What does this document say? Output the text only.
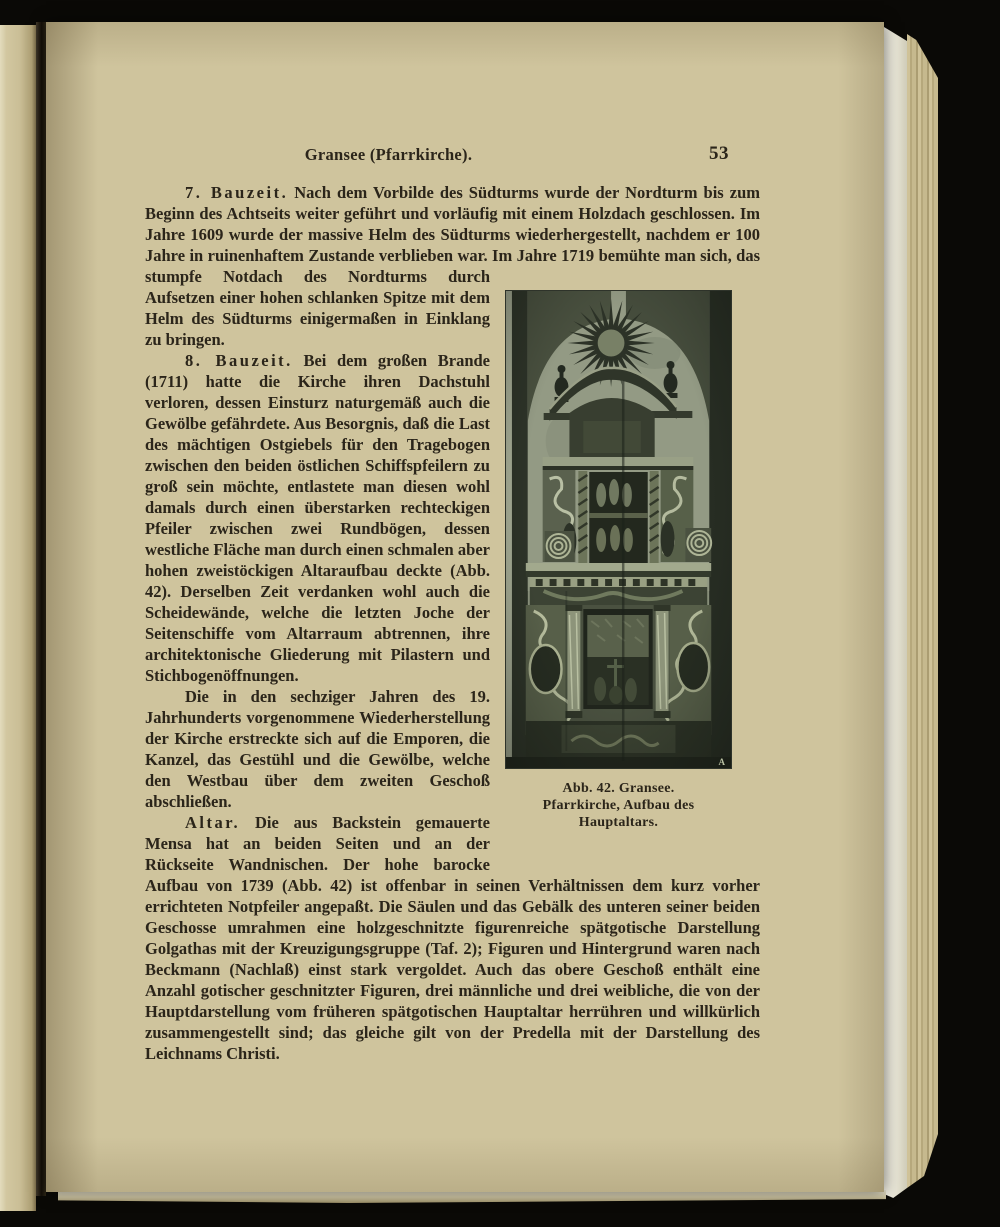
Gransee (Pfarrkirche).	53

7. Bauzeit. Nach dem Vorbilde des Südturms wurde der Nordturm bis zum Beginn des Achtseits weiter geführt und vorläufig mit einem Holzdach geschlossen. Im Jahre 1609 wurde der massive Helm des Südturms wiederhergestellt, nachdem er 100 Jahre in ruinenhaftem Zustande verblieben war. Im Jahre 1719
A
Abb. 42. Gransee.
Pfarrkirche, Aufbau des Hauptaltars.
bemühte man sich, das stumpfe Notdach des Nordturms durch Aufsetzen einer hohen schlanken Spitze mit dem Helm des Südturms einigermaßen in Einklang zu bringen.

8. Bauzeit. Bei dem großen Brande (1711) hatte die Kirche ihren Dachstuhl verloren, dessen Einsturz naturgemäß auch die Gewölbe gefährdete. Aus Besorgnis, daß die Last des mächtigen Ostgiebels für den Tragebogen zwischen den beiden östlichen Schiffspfeilern zu groß sein möchte, entlastete man diesen wohl damals durch einen überstarken rechteckigen Pfeiler zwischen zwei Rundbögen, dessen westliche Fläche man durch einen schmalen aber hohen zweistöckigen Altaraufbau deckte (Abb. 42). Derselben Zeit verdanken wohl auch die Scheidewände, welche die letzten Joche der Seitenschiffe vom Altarraum abtrennen, ihre architektonische Gliederung mit Pilastern und Stichbogenöffnungen.

Die in den sechziger Jahren des 19. Jahrhunderts vorgenommene Wiederherstellung der Kirche erstreckte sich auf die Emporen, die Kanzel, das Gestühl und die Gewölbe, welche den Westbau über dem zweiten Geschoß abschließen.

Altar. Die aus Backstein gemauerte Mensa hat an beiden Seiten und an der Rückseite Wandnischen. Der hohe barocke Aufbau von 1739 (Abb. 42) ist offenbar in seinen Verhältnissen dem kurz vorher errichteten Notpfeiler angepaßt. Die Säulen und das Gebälk des unteren seiner beiden Geschosse umrahmen eine holzgeschnitzte figurenreiche spätgotische Darstellung Golgathas mit der Kreuzigungsgruppe (Taf. 2); Figuren und Hintergrund waren nach Beckmann (Nachlaß) einst stark vergoldet. Auch das obere Geschoß enthält eine Anzahl gotischer geschnitzter Figuren, drei männliche und drei weibliche, die von der Hauptdarstellung vom früheren spätgotischen Hauptaltar herrühren und willkürlich zusammengestellt sind; das gleiche gilt von der Predella mit der Darstellung des Leichnams Christi.
